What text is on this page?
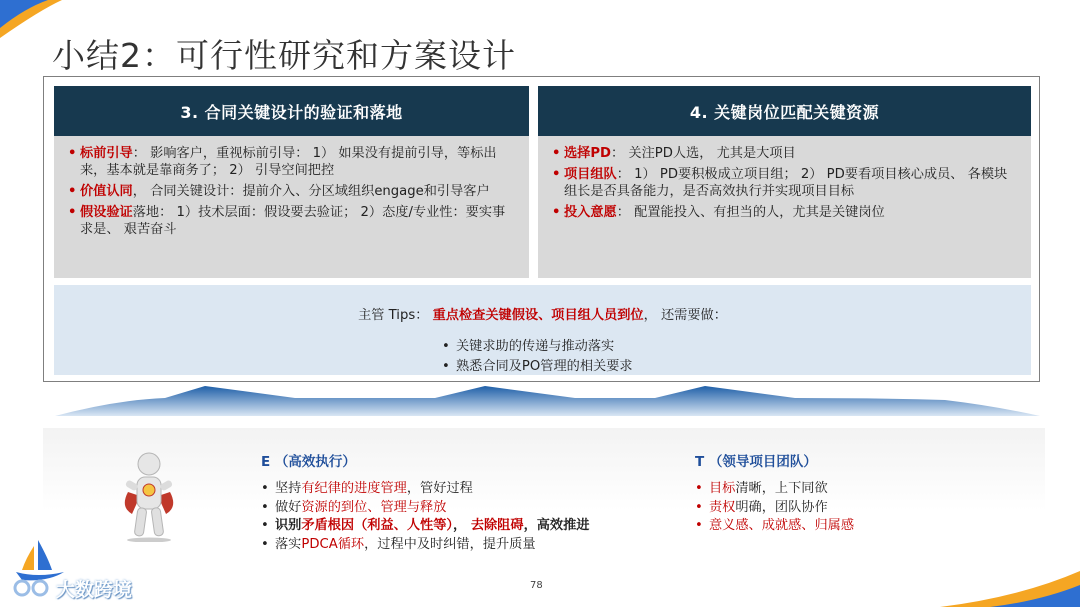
小结2：可行性研究和方案设计
3. 合同关键设计的验证和落地
• 标前引导： 影响客户，重视标前引导： 1） 如果没有提前引导，等标出来，基本就是靠商务了； 2） 引导空间把控
• 价值认同， 合同关键设计：提前介入、分区域组织engage和引导客户
• 假设验证落地： 1）技术层面：假设要去验证； 2）态度/专业性：要实事求是、 艰苦奋斗
4. 关键岗位匹配关键资源
• 选择PD： 关注PD人选， 尤其是大项目
• 项目组队： 1） PD要积极成立项目组； 2） PD要看项目核心成员、 各模块组长是否具备能力，是否高效执行并实现项目目标
• 投入意愿： 配置能投入、有担当的人，尤其是关键岗位
主管 Tips： 重点检查关键假设、项目组人员到位， 还需要做：
• 关键求助的传递与推动落实
• 熟悉合同及PO管理的相关要求
E （高效执行）
• 坚持有纪律的进度管理，管好过程
• 做好资源的到位、管理与释放
• 识别矛盾根因（利益、人性等）， 去除阻碍，高效推进
• 落实PDCA循环，过程中及时纠错，提升质量
T （领导项目团队）
• 目标清晰，上下同欲
• 责权明确，团队协作
• 意义感、成就感、归属感
78
大数跨境
